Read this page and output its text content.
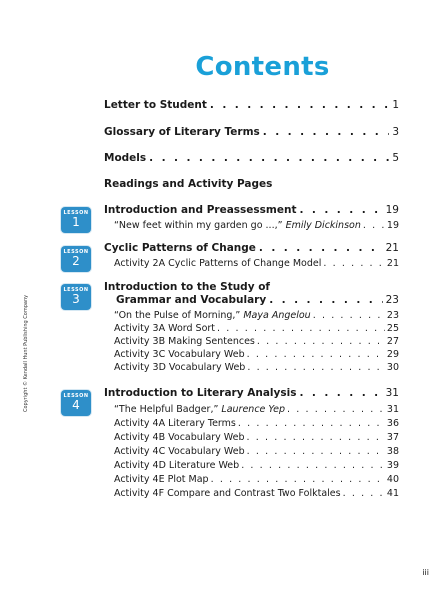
Contents
Letter to Student . . .	1
Glossary of Literary Terms . . .	3
Models . . .	5
Readings and Activity Pages
LESSON
1
Introduction and Preassessment . . .	19
“New feet within my garden go ...,” Emily Dickinson . . .	19
LESSON
2
Cyclic Patterns of Change . . .	21
Activity 2A Cyclic Patterns of Change Model . . .	21
LESSON
3
Introduction to the Study of
Grammar and Vocabulary . . .	23
“On the Pulse of Morning,” Maya Angelou . . .	23
Activity 3A Word Sort . . .	25
Activity 3B Making Sentences . . .	27
Activity 3C Vocabulary Web . . .	29
Activity 3D Vocabulary Web . . .	30
LESSON
4
Introduction to Literary Analysis . . .	31
“The Helpful Badger,” Laurence Yep . . .	31
Activity 4A Literary Terms . . .	36
Activity 4B Vocabulary Web . . .	37
Activity 4C Vocabulary Web . . .	38
Activity 4D Literature Web . . .	39
Activity 4E Plot Map . . .	40
Activity 4F Compare and Contrast Two Folktales . . .	41
Copyright © Kendall Hunt Publishing Company
iii
